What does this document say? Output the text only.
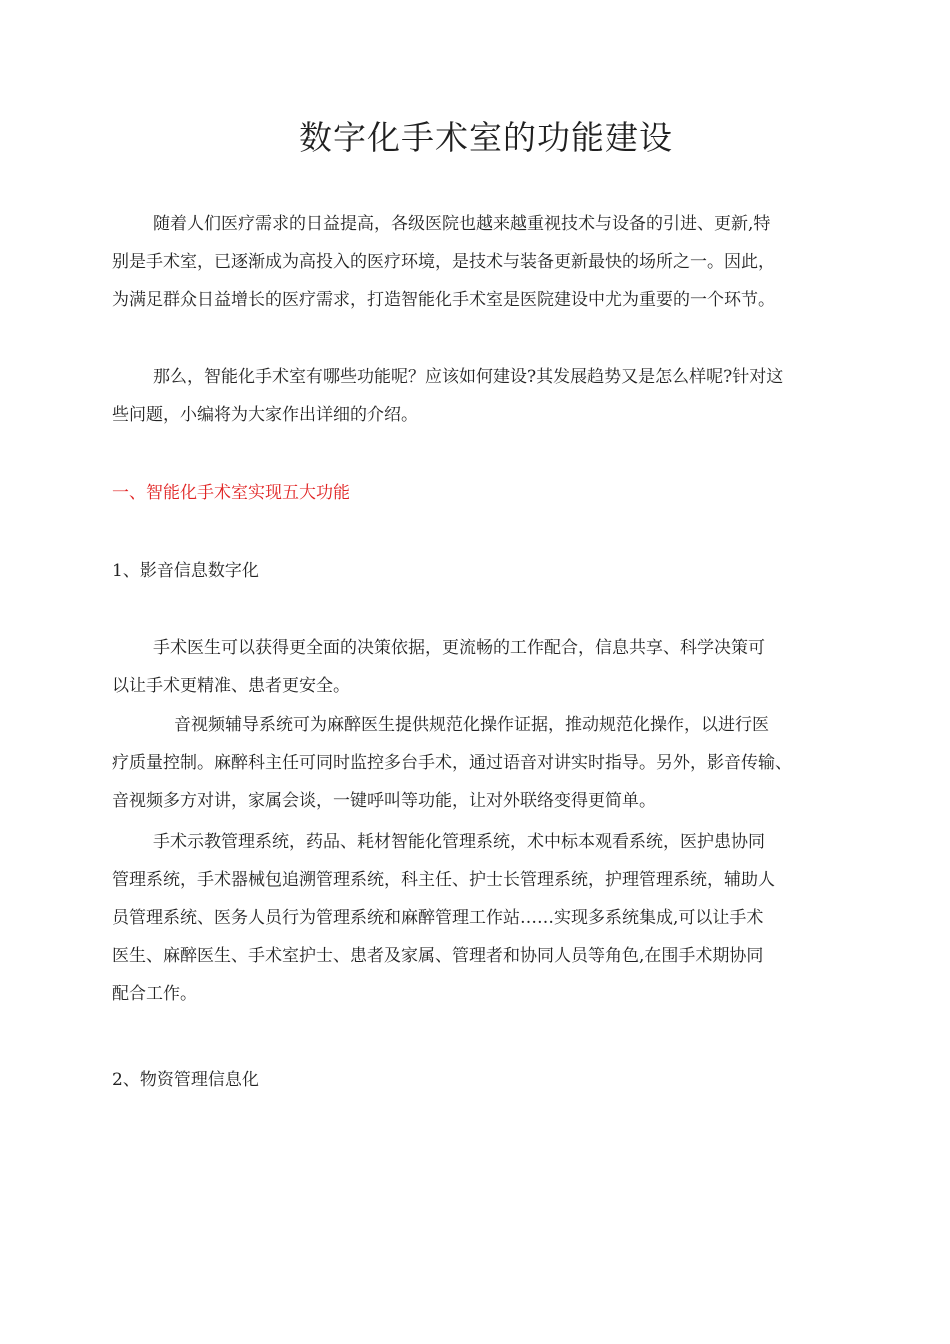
数字化手术室的功能建设

随着人们医疗需求的日益提高，各级医院也越来越重视技术与设备的引进、更新,特
别是手术室，已逐渐成为高投入的医疗环境，是技术与装备更新最快的场所之一。因此，
为满足群众日益增长的医疗需求，打造智能化手术室是医院建设中尤为重要的一个环节。

那么，智能化手术室有哪些功能呢？应该如何建设?其发展趋势又是怎么样呢?针对这
些问题，小编将为大家作出详细的介绍。

一、智能化手术室实现五大功能
1、影音信息数字化

手术医生可以获得更全面的决策依据，更流畅的工作配合，信息共享、科学决策可
以让手术更精准、患者更安全。

音视频辅导系统可为麻醉医生提供规范化操作证据，推动规范化操作，以进行医
疗质量控制。麻醉科主任可同时监控多台手术，通过语音对讲实时指导。另外，影音传输、
音视频多方对讲，家属会谈，一键呼叫等功能，让对外联络变得更简单。

手术示教管理系统，药品、耗材智能化管理系统，术中标本观看系统，医护患协同
管理系统，手术器械包追溯管理系统，科主任、护士长管理系统，护理管理系统，辅助人
员管理系统、医务人员行为管理系统和麻醉管理工作站……实现多系统集成,可以让手术
医生、麻醉医生、手术室护士、患者及家属、管理者和协同人员等角色,在围手术期协同
配合工作。

2、物资管理信息化
